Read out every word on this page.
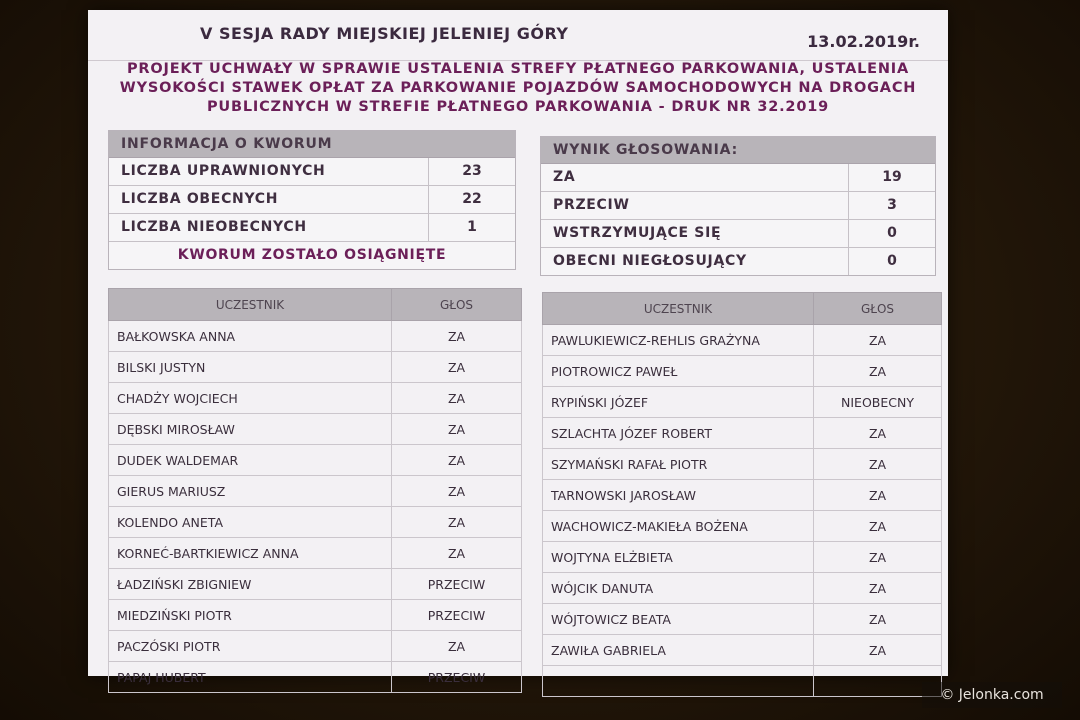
V SESJA RADY MIEJSKIEJ JELENIEJ GÓRY	13.02.2019r.
PROJEKT UCHWAŁY W SPRAWIE USTALENIA STREFY PŁATNEGO PARKOWANIA, USTALENIA
WYSOKOŚCI STAWEK OPŁAT ZA PARKOWANIE POJAZDÓW SAMOCHODOWYCH NA DROGACH
PUBLICZNYCH W STREFIE PŁATNEGO PARKOWANIA - DRUK NR 32.2019
INFORMACJA O KWORUM
LICZBA UPRAWNIONYCH	23
LICZBA OBECNYCH	22
LICZBA NIEOBECNYCH	1
KWORUM ZOSTAŁO OSIĄGNIĘTE
WYNIK GŁOSOWANIA:
ZA	19
PRZECIW	3
WSTRZYMUJĄCE SIĘ	0
OBECNI NIEGŁOSUJĄCY	0
UCZESTNIK	GŁOS
BAŁKOWSKA ANNA	ZA
BILSKI JUSTYN	ZA
CHADŻY WOJCIECH	ZA
DĘBSKI MIROSŁAW	ZA
DUDEK WALDEMAR	ZA
GIERUS MARIUSZ	ZA
KOLENDO ANETA	ZA
KORNEĆ-BARTKIEWICZ ANNA	ZA
ŁADZIŃSKI ZBIGNIEW	PRZECIW
MIEDZIŃSKI PIOTR	PRZECIW
PACZÓSKI PIOTR	ZA
PAPAJ HUBERT	PRZECIW
UCZESTNIK	GŁOS
PAWLUKIEWICZ-REHLIS GRAŻYNA	ZA
PIOTROWICZ PAWEŁ	ZA
RYPIŃSKI JÓZEF	NIEOBECNY
SZLACHTA JÓZEF ROBERT	ZA
SZYMAŃSKI RAFAŁ PIOTR	ZA
TARNOWSKI JAROSŁAW	ZA
WACHOWICZ-MAKIEŁA BOŻENA	ZA
WOJTYNA ELŻBIETA	ZA
WÓJCIK DANUTA	ZA
WÓJTOWICZ BEATA	ZA
ZAWIŁA GABRIELA	ZA

© Jelonka.com
